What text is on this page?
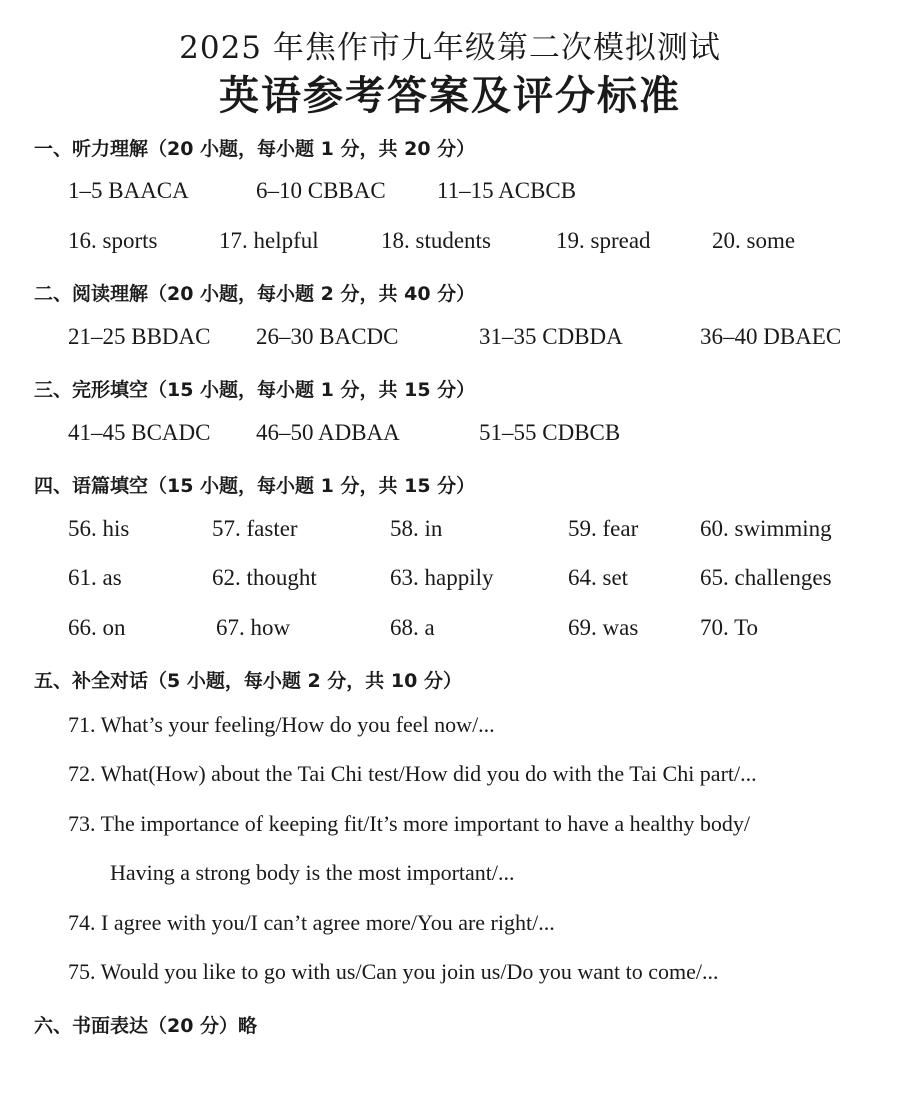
2025 年焦作市九年级第二次模拟测试
英语参考答案及评分标准
一、听力理解（20 小题，每小题 1 分，共 20 分）
1–5 BAACA	6–10 CBBAC 11–15 ACBCB
16. sports	17. helpful	18. students	19. spread	20. some
二、阅读理解（20 小题，每小题 2 分，共 40 分）
21–25 BBDAC 26–30 BACDC	31–35 CDBDA	36–40 DBAEC
三、完形填空（15 小题，每小题 1 分，共 15 分）
41–45 BCADC 46–50 ADBAA	51–55 CDBCB
四、语篇填空（15 小题，每小题 1 分，共 15 分）
56. his	57. faster	58. in	59. fear	60. swimming
61. as	62. thought	63. happily	64. set	65. challenges
66. on	67. how	68. a	69. was	70. To
五、补全对话（5 小题，每小题 2 分，共 10 分）
71. What’s your feeling/How do you feel now/...
72. What(How) about the Tai Chi test/How did you do with the Tai Chi part/...
73. The importance of keeping fit/It’s more important to have a healthy body/
Having a strong body is the most important/...
74. I agree with you/I can’t agree more/You are right/...
75. Would you like to go with us/Can you join us/Do you want to come/...
六、书面表达（20 分）略
